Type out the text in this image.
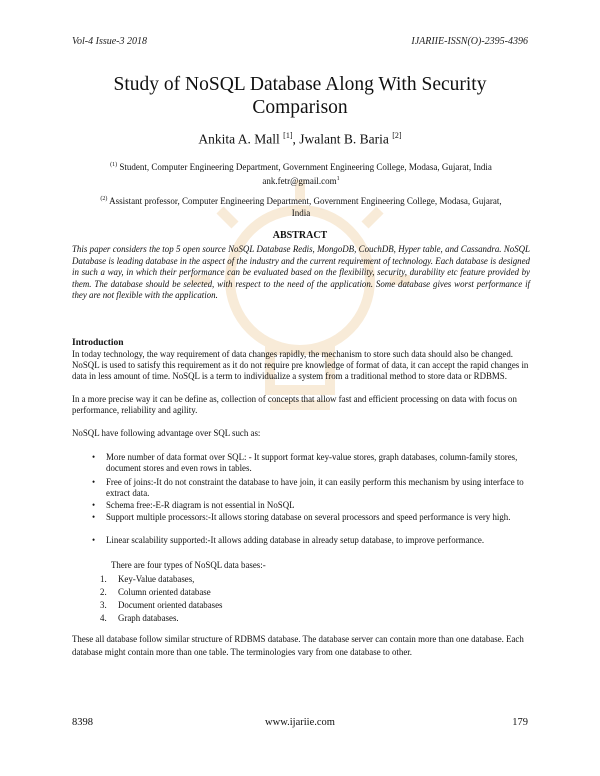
Vol-4 Issue-3 2018	IJARIIE-ISSN(O)-2395-4396
Study of NoSQL Database Along With Security
Comparison
Ankita A. Mall [1], Jwalant B. Baria [2]
$^{(1)}$ Student, Computer Engineering Department, Government Engineering College, Modasa, Gujarat, India
ank.fetr@gmail.com$^1$
$^{(2)}$ Assistant professor, Computer Engineering Department, Government Engineering College, Modasa, Gujarat,
India
ABSTRACT
This paper considers the top 5 open source NoSQL Database Redis, MongoDB, CouchDB, Hyper table, and Cassandra. NoSQL Database is leading database in the aspect of the industry and the current requirement of technology. Each database is designed in such a way, in which their performance can be evaluated based on the flexibility, security, durability etc feature provided by them. The database should be selected, with respect to the need of the application. Some database gives worst performance if they are not flexible with the application.
Introduction
In today technology, the way requirement of data changes rapidly, the mechanism to store such data should also be changed. NoSQL is used to satisfy this requirement as it do not require pre knowledge of format of data, it can accept the rapid changes in data in less amount of time. NoSQL is a term to individualize a system from a traditional method to store data or RDBMS.
In a more precise way it can be define as, collection of concepts that allow fast and efficient processing on data with focus on performance, reliability and agility.
NoSQL have following advantage over SQL such as:
• More number of data format over SQL: - It support format key-value stores, graph databases, column-family stores, document stores and even rows in tables.
• Free of joins:-It do not constraint the database to have join, it can easily perform this mechanism by using interface to extract data.
• Schema free:-E-R diagram is not essential in NoSQL
• Support multiple processors:-It allows storing database on several processors and speed performance is very high.
• Linear scalability supported:-It allows adding database in already setup database, to improve performance.
There are four types of NoSQL data bases:-
1. Key-Value databases,
2. Column oriented database
3. Document oriented databases
4. Graph databases.
These all database follow similar structure of RDBMS database. The database server can contain more than one database. Each database might contain more than one table. The terminologies vary from one database to other.
8398	www.ijariie.com	179
